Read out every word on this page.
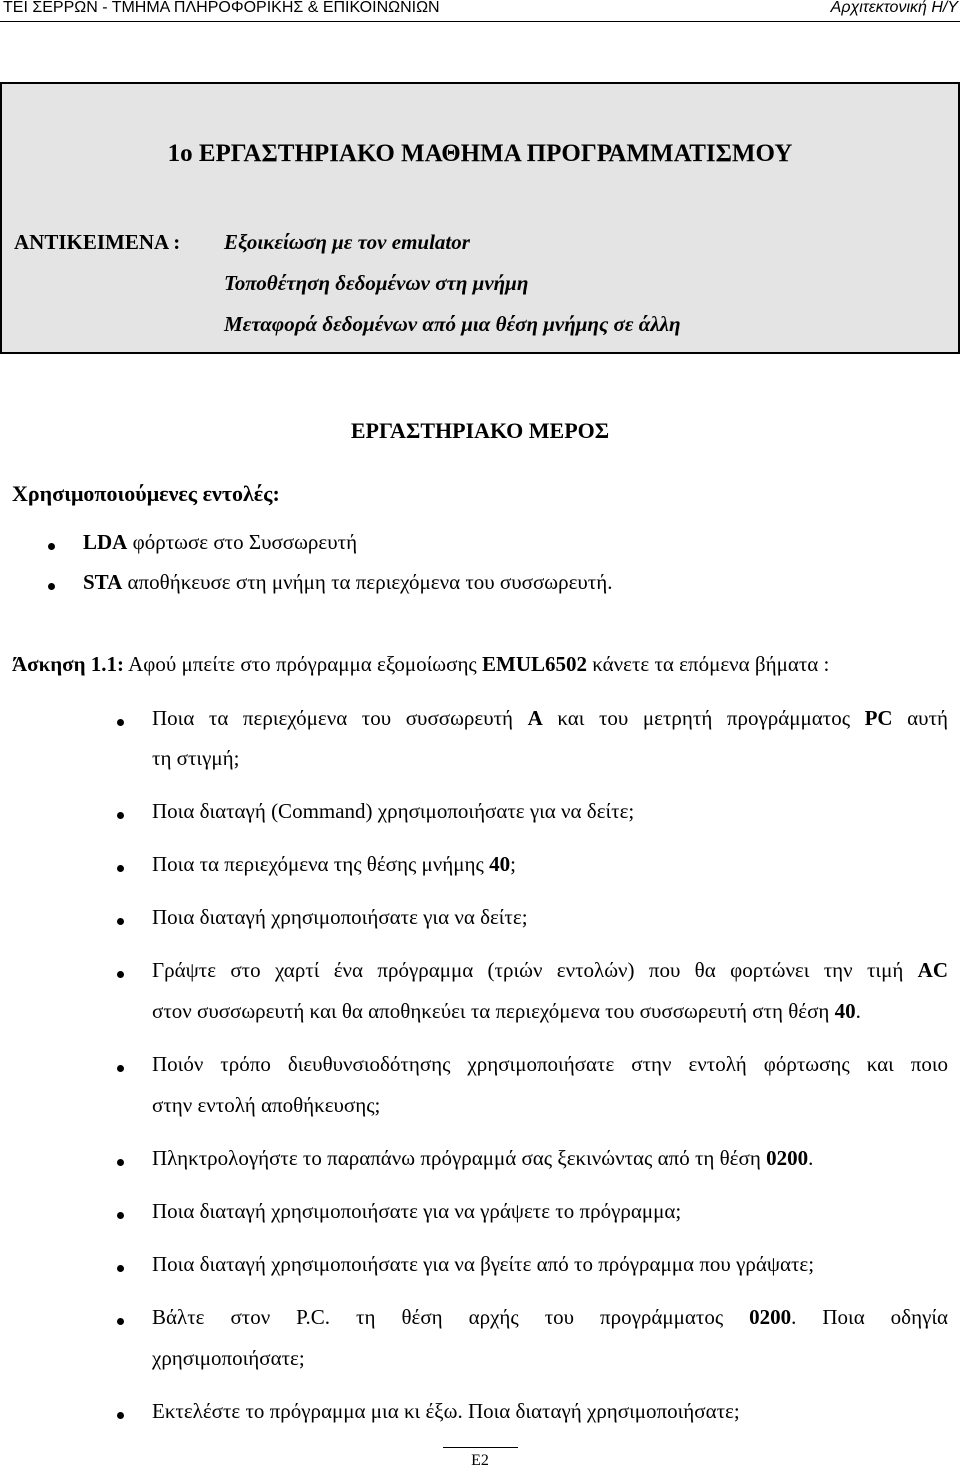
ΤΕΙ ΣΕΡΡΩΝ - ΤΜΗΜΑ ΠΛΗΡΟΦΟΡΙΚΗΣ & ΕΠΙΚΟΙΝΩΝΙΩΝ	Αρχιτεκτονική Η/Υ
1ο ΕΡΓΑΣΤΗΡΙΑΚΟ ΜΑΘΗΜΑ ΠΡΟΓΡΑΜΜΑΤΙΣΜΟΥ
ΑΝΤΙΚΕΙΜΕΝΑ : Εξοικείωση με τον emulator
Τοποθέτηση δεδομένων στη μνήμη
Μεταφορά δεδομένων από μια θέση μνήμης σε άλλη
ΕΡΓΑΣΤΗΡΙΑΚΟ ΜΕΡΟΣ
Χρησιμοποιούμενες εντολές:
LDA φόρτωσε στο Συσσωρευτή
STA αποθήκευσε στη μνήμη τα περιεχόμενα του συσσωρευτή.
Άσκηση 1.1: Αφού μπείτε στο πρόγραμμα εξομοίωσης EMUL6502 κάνετε τα επόμενα βήματα :
Ποια τα περιεχόμενα του συσσωρευτή A και του μετρητή προγράμματος PC αυτή
τη στιγμή;
Ποια διαταγή (Command) χρησιμοποιήσατε για να δείτε;
Ποια τα περιεχόμενα της θέσης μνήμης 40;
Ποια διαταγή χρησιμοποιήσατε για να δείτε;
Γράψτε στο χαρτί ένα πρόγραμμα (τριών εντολών) που θα φορτώνει την τιμή AC
στον συσσωρευτή και θα αποθηκεύει τα περιεχόμενα του συσσωρευτή στη θέση 40.
Ποιόν τρόπο διευθυνσιοδότησης χρησιμοποιήσατε στην εντολή φόρτωσης και ποιο
στην εντολή αποθήκευσης;
Πληκτρολογήστε το παραπάνω πρόγραμμά σας ξεκινώντας από τη θέση 0200.
Ποια διαταγή χρησιμοποιήσατε για να γράψετε το πρόγραμμα;
Ποια διαταγή χρησιμοποιήσατε για να βγείτε από το πρόγραμμα που γράψατε;
Βάλτε στον P.C. τη θέση αρχής του προγράμματος 0200. Ποια οδηγία
χρησιμοποιήσατε;
Εκτελέστε το πρόγραμμα μια κι έξω. Ποια διαταγή χρησιμοποιήσατε;
E2
